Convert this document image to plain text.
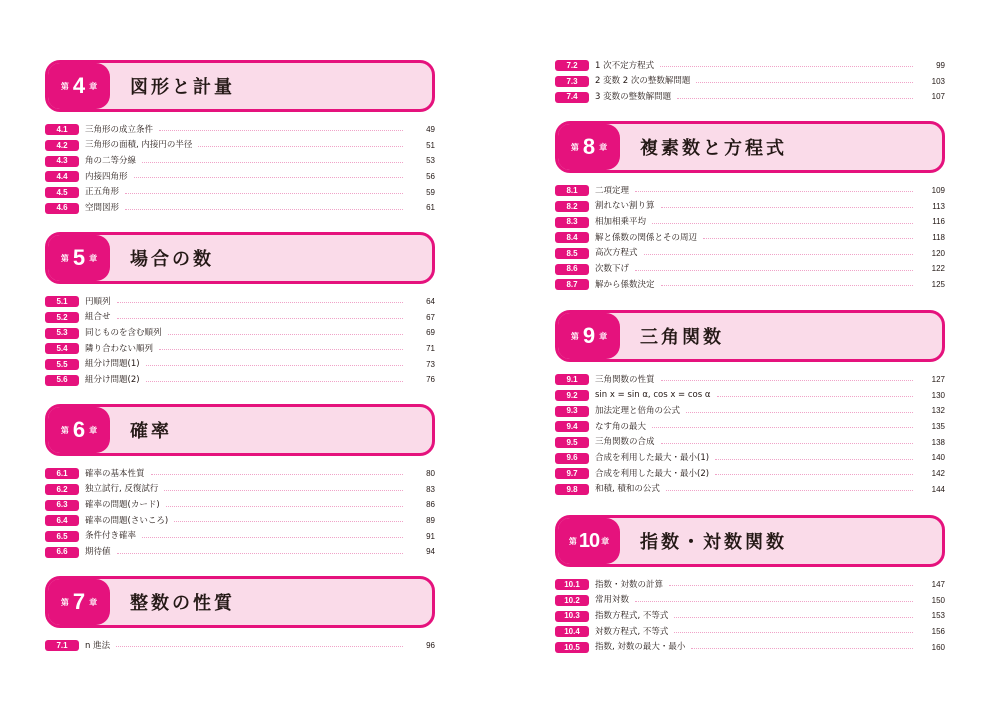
第 4 章	図形と計量
4.1	三角形の成立条件	49
4.2	三角形の面積, 内接円の半径	51
4.3	角の二等分線	53
4.4	内接四角形	56
4.5	正五角形	59
4.6	空間図形	61
第 5 章	場合の数
5.1	円順列	64
5.2	組合せ	67
5.3	同じものを含む順列	69
5.4	隣り合わない順列	71
5.5	組分け問題(1)	73
5.6	組分け問題(2)	76
第 6 章	確率
6.1	確率の基本性質	80
6.2	独立試行, 反復試行	83
6.3	確率の問題(カード)	86
6.4	確率の問題(さいころ)	89
6.5	条件付き確率	91
6.6	期待値	94
第 7 章	整数の性質
7.1	n 進法	96
7.2	1 次不定方程式	99
7.3	2 変数 2 次の整数解問題	103
7.4	3 変数の整数解問題	107
第 8 章	複素数と方程式
8.1	二項定理	109
8.2	割れない割り算	113
8.3	相加相乗平均	116
8.4	解と係数の関係とその周辺	118
8.5	高次方程式	120
8.6	次数下げ	122
8.7	解から係数決定	125
第 9 章	三角関数
9.1	三角関数の性質	127
9.2	sin x = sin α, cos x = cos α	130
9.3	加法定理と倍角の公式	132
9.4	なす角の最大	135
9.5	三角関数の合成	138
9.6	合成を利用した最大・最小(1)	140
9.7	合成を利用した最大・最小(2)	142
9.8	和積, 積和の公式	144
第 10 章	指数・対数関数
10.1	指数・対数の計算	147
10.2	常用対数	150
10.3	指数方程式, 不等式	153
10.4	対数方程式, 不等式	156
10.5	指数, 対数の最大・最小	160
